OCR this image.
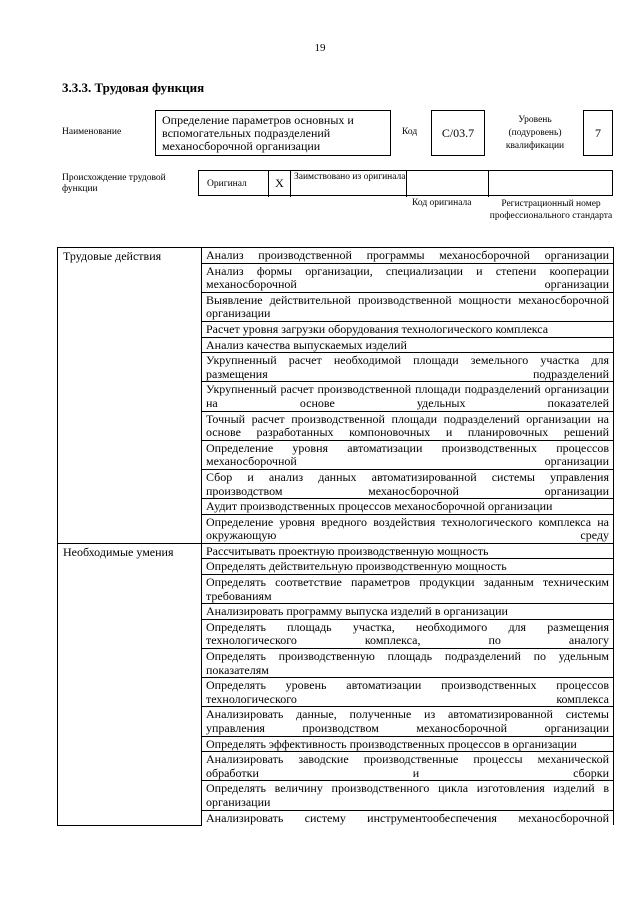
19
3.3.3. Трудовая функция
Наименование
Определение параметров основных и вспомогательных подразделений механосборочной организации
Код C/03.7
Уровень (подуровень) квалификации
7
Происхождение трудовой функции	Оригинал	X	Заимствовано из оригинала
Код оригинала	Регистрационный номер профессионального стандарта
Трудовые действия	Анализ производственной программы механосборочной организации
	Анализ формы организации, специализации и степени кооперации механосборочной организации
	Выявление действительной производственной мощности механосборочной организации
	Расчет уровня загрузки оборудования технологического комплекса
	Анализ качества выпускаемых изделий
	Укрупненный расчет необходимой площади земельного участка для размещения подразделений
	Укрупненный расчет производственной площади подразделений организации на основе удельных показателей
	Точный расчет производственной площади подразделений организации на основе разработанных компоновочных и планировочных решений
	Определение уровня автоматизации производственных процессов механосборочной организации
	Сбор и анализ данных автоматизированной системы управления производством механосборочной организации
	Аудит производственных процессов механосборочной организации
	Определение уровня вредного воздействия технологического комплекса на окружающую среду
Необходимые умения	Рассчитывать проектную производственную мощность
	Определять действительную производственную мощность
	Определять соответствие параметров продукции заданным техническим требованиям
	Анализировать программу выпуска изделий в организации
	Определять площадь участка, необходимого для размещения технологического комплекса, по аналогу
	Определять производственную площадь подразделений по удельным показателям
	Определять уровень автоматизации производственных процессов технологического комплекса
	Анализировать данные, полученные из автоматизированной системы управления производством механосборочной организации
	Определять эффективность производственных процессов в организации
	Анализировать заводские производственные процессы механической обработки и сборки
	Определять величину производственного цикла изготовления изделий в организации
	Анализировать систему инструментообеспечения механосборочной
